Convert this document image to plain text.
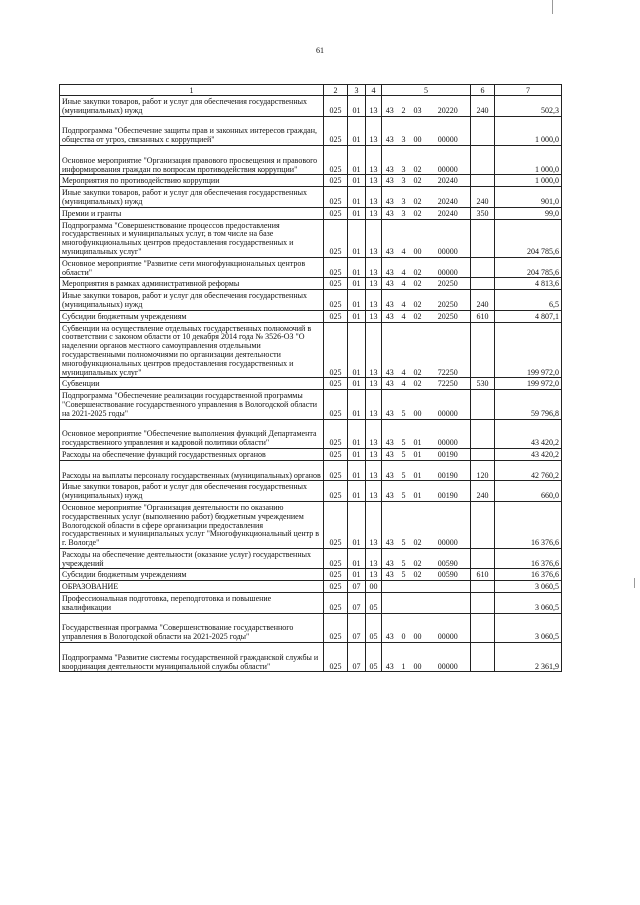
61
1	2	3	4	5				6	7
Иные закупки товаров, работ и услуг для обеспечения государственных (муниципальных) нужд	025	01	13	43	2	03	20220	240	502,3
Подпрограмма "Обеспечение защиты прав и законных интересов граждан, общества от угроз, связанных с коррупцией"	025	01	13	43	3	00	00000		1 000,0
Основное мероприятие "Организация правового просвещения и правового информирования граждан по вопросам противодействия коррупции"	025	01	13	43	3	02	00000		1 000,0
Мероприятия по противодействию коррупции	025	01	13	43	3	02	20240		1 000,0
Иные закупки товаров, работ и услуг для обеспечения государственных (муниципальных) нужд	025	01	13	43	3	02	20240	240	901,0
Премии и гранты	025	01	13	43	3	02	20240	350	99,0
Подпрограмма "Совершенствование процессов предоставления государственных и муниципальных услуг, в том числе на базе многофункциональных центров предоставления государственных и муниципальных услуг"	025	01	13	43	4	00	00000		204 785,6
Основное мероприятие "Развитие сети многофункциональных центров области"	025	01	13	43	4	02	00000		204 785,6
Мероприятия в рамках административной реформы	025	01	13	43	4	02	20250		4 813,6
Иные закупки товаров, работ и услуг для обеспечения государственных (муниципальных) нужд	025	01	13	43	4	02	20250	240	6,5
Субсидии бюджетным учреждениям	025	01	13	43	4	02	20250	610	4 807,1
Субвенции на осуществление отдельных государственных полномочий в соответствии с законом области от 10 декабря 2014 года № 3526-ОЗ "О наделении органов местного самоуправления отдельными государственными полномочиями по организации деятельности многофункциональных центров предоставления государственных и муниципальных услуг"	025	01	13	43	4	02	72250		199 972,0
Субвенции	025	01	13	43	4	02	72250	530	199 972,0
Подпрограмма "Обеспечение реализации государственной программы "Совершенствование государственного управления в Вологодской области на 2021-2025 годы"	025	01	13	43	5	00	00000		59 796,8
Основное мероприятие "Обеспечение выполнения функций Департамента государственного управления и кадровой политики области"	025	01	13	43	5	01	00000		43 420,2
Расходы на обеспечение функций государственных органов	025	01	13	43	5	01	00190		43 420,2
Расходы на выплаты персоналу государственных (муниципальных) органов	025	01	13	43	5	01	00190	120	42 760,2
Иные закупки товаров, работ и услуг для обеспечения государственных (муниципальных) нужд	025	01	13	43	5	01	00190	240	660,0
Основное мероприятие "Организация деятельности по оказанию государственных услуг (выполнению работ) бюджетным учреждением Вологодской области в сфере организации предоставления государственных и муниципальных услуг "Многофункциональный центр в г. Вологде"	025	01	13	43	5	02	00000		16 376,6
Расходы на обеспечение деятельности (оказание услуг) государственных учреждений	025	01	13	43	5	02	00590		16 376,6
Субсидии бюджетным учреждениям	025	01	13	43	5	02	00590	610	16 376,6
ОБРАЗОВАНИЕ	025	07	00						3 060,5
Профессиональная подготовка, переподготовка и повышение квалификации	025	07	05						3 060,5
Государственная программа "Совершенствование государственного управления в Вологодской области на 2021-2025 годы"	025	07	05	43	0	00	00000		3 060,5
Подпрограмма "Развитие системы государственной гражданской службы и координация деятельности муниципальной службы области"	025	07	05	43	1	00	00000		2 361,9
